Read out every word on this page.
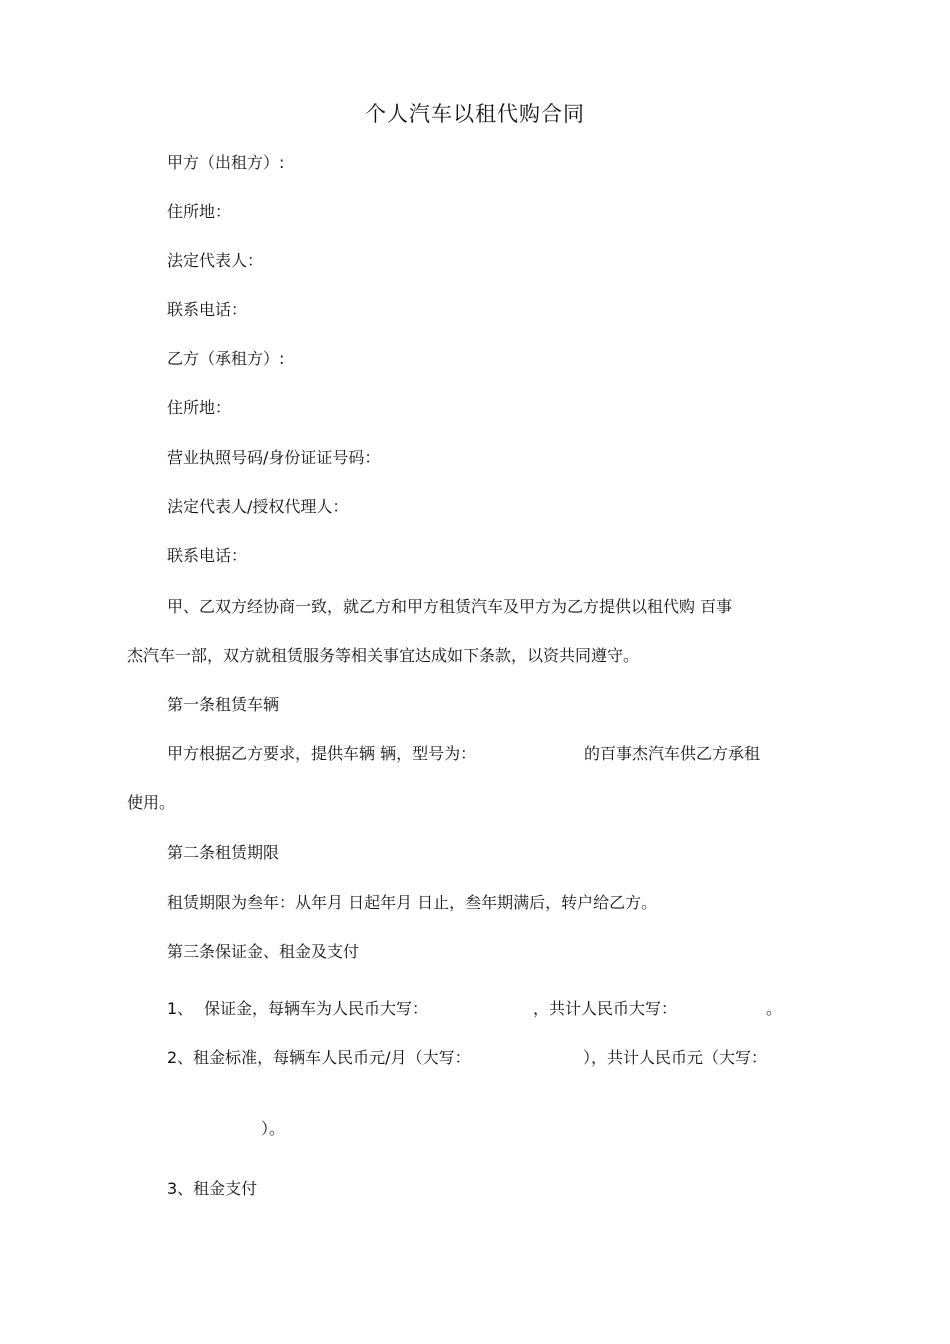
个人汽车以租代购合同
甲方（出租方）:
住所地：
法定代表人：
联系电话：
乙方（承租方）:
住所地：
营业执照号码/身份证证号码：
法定代表人/授权代理人：
联系电话：
甲、乙双方经协商一致，就乙方和甲方租赁汽车及甲方为乙方提供以租代购 百事
杰汽车一部，双方就租赁服务等相关事宜达成如下条款，以资共同遵守。
第一条租赁车辆
甲方根据乙方要求，提供车辆 辆，型号为：	的百事杰汽车供乙方承租
使用。
第二条租赁期限
租赁期限为叁年：从年月 日起年月 日止，叁年期满后，转户给乙方。
第三条保证金、租金及支付
1、 保证金，每辆车为人民币大写：	，共计人民币大写：	。
2、租金标准，每辆车人民币元/月（大写：	），共计人民币元（大写：
）。
3、租金支付
